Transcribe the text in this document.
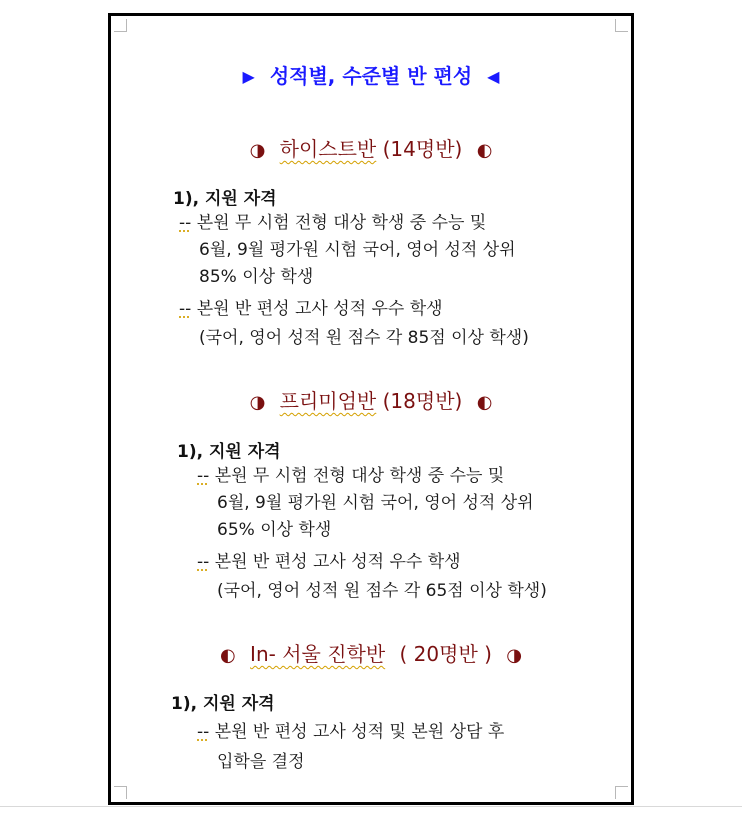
▶ 성적별, 수준별 반 편성 ◀
◑ 하이스트반 (14명반) ◐
1), 지원 자격
-- 본원 무 시험 전형 대상 학생 중 수능 및
6월, 9월 평가원 시험 국어, 영어 성적 상위
85% 이상 학생
-- 본원 반 편성 고사 성적 우수 학생
(국어, 영어 성적 원 점수 각 85점 이상 학생)
◑ 프리미엄반 (18명반) ◐
1), 지원 자격
-- 본원 무 시험 전형 대상 학생 중 수능 및
6월, 9월 평가원 시험 국어, 영어 성적 상위
65% 이상 학생
-- 본원 반 편성 고사 성적 우수 학생
(국어, 영어 성적 원 점수 각 65점 이상 학생)
◐ In- 서울 진학반 ( 20명반 ) ◑
1), 지원 자격
-- 본원 반 편성 고사 성적 및 본원 상담 후
입학을 결정
